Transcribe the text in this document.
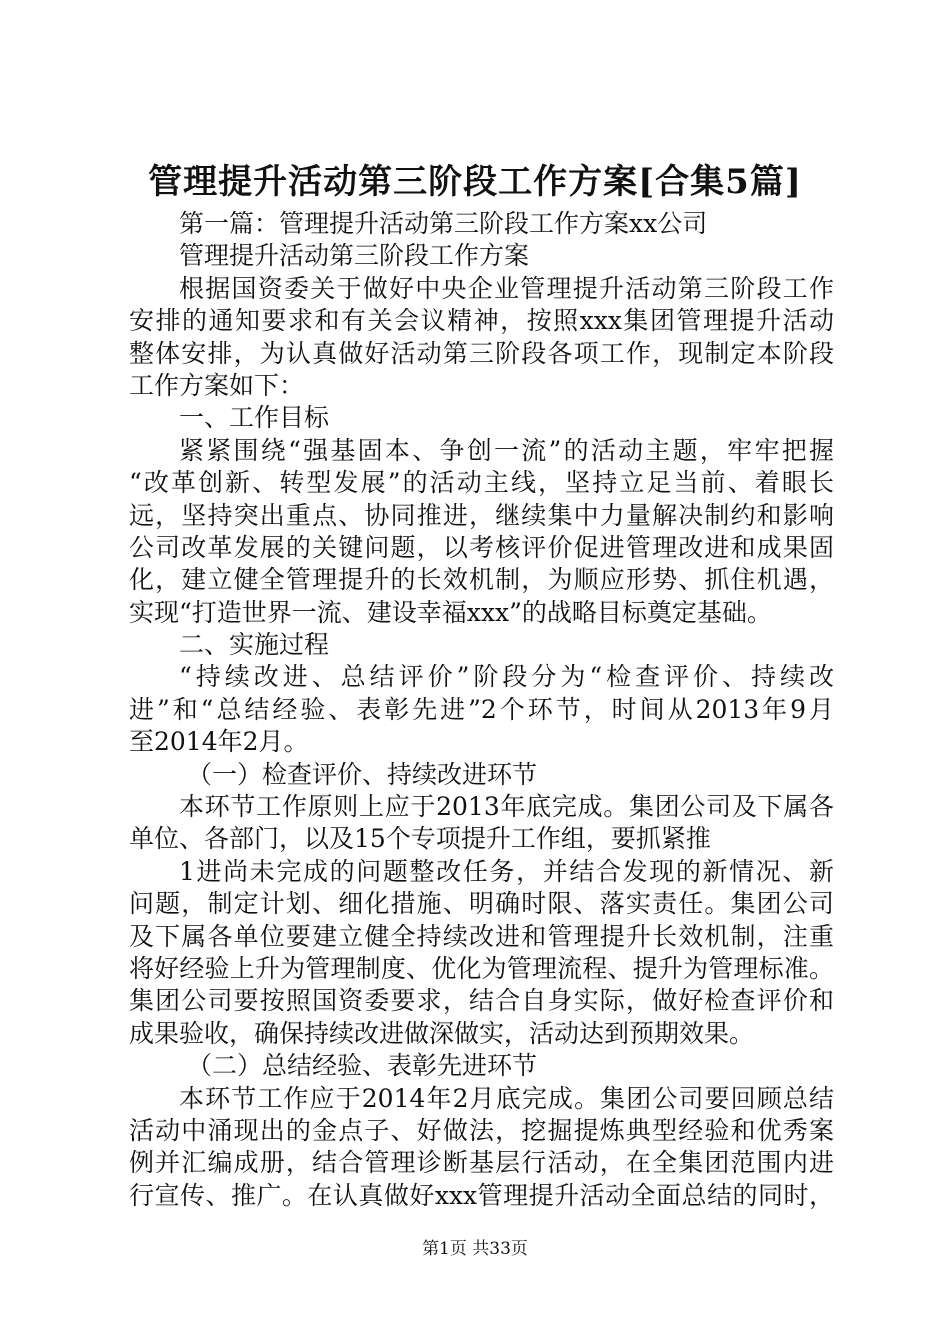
管理提升活动第三阶段工作方案[合集5篇]
第一篇：管理提升活动第三阶段工作方案xx公司
管理提升活动第三阶段工作方案
根据国资委关于做好中央企业管理提升活动第三阶段工作
安排的通知要求和有关会议精神，按照xxx集团管理提升活动
整体安排，为认真做好活动第三阶段各项工作，现制定本阶段
工作方案如下：
一、工作目标
紧紧围绕“强基固本、争创一流”的活动主题，牢牢把握
“改革创新、转型发展”的活动主线，坚持立足当前、着眼长
远，坚持突出重点、协同推进，继续集中力量解决制约和影响
公司改革发展的关键问题，以考核评价促进管理改进和成果固
化，建立健全管理提升的长效机制，为顺应形势、抓住机遇，
实现“打造世界一流、建设幸福xxx”的战略目标奠定基础。
二、实施过程
“持续改进、总结评价”阶段分为“检查评价、持续改
进”和“总结经验、表彰先进”2个环节，时间从2013年9月
至2014年2月。
（一）检查评价、持续改进环节
本环节工作原则上应于2013年底完成。集团公司及下属各
单位、各部门，以及15个专项提升工作组，要抓紧推
1进尚未完成的问题整改任务，并结合发现的新情况、新
问题，制定计划、细化措施、明确时限、落实责任。集团公司
及下属各单位要建立健全持续改进和管理提升长效机制，注重
将好经验上升为管理制度、优化为管理流程、提升为管理标准。
集团公司要按照国资委要求，结合自身实际，做好检查评价和
成果验收，确保持续改进做深做实，活动达到预期效果。
（二）总结经验、表彰先进环节
本环节工作应于2014年2月底完成。集团公司要回顾总结
活动中涌现出的金点子、好做法，挖掘提炼典型经验和优秀案
例并汇编成册，结合管理诊断基层行活动，在全集团范围内进
行宣传、推广。在认真做好xxx管理提升活动全面总结的同时，
第1页 共33页
